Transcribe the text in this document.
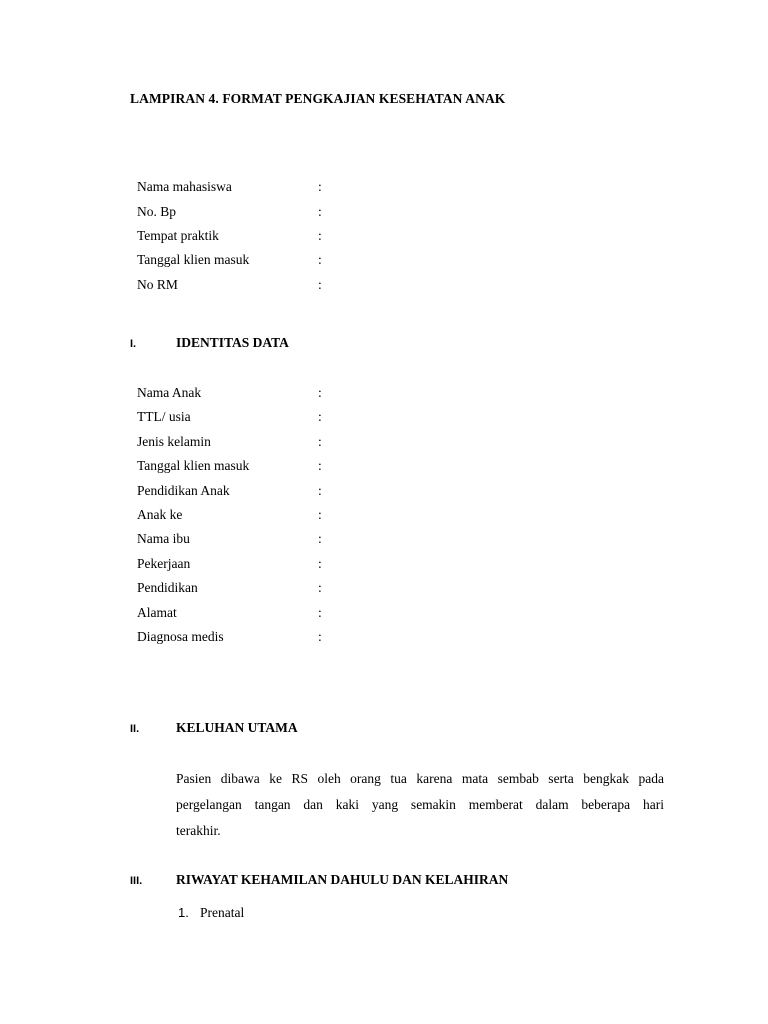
LAMPIRAN 4. FORMAT PENGKAJIAN KESEHATAN ANAK
Nama mahasiswa	:
No. Bp	:
Tempat praktik	:
Tanggal klien masuk	:
No RM	:
I.	IDENTITAS DATA
Nama Anak	:
TTL/ usia	:
Jenis kelamin	:
Tanggal klien masuk	:
Pendidikan Anak	:
Anak ke	:
Nama ibu	:
Pekerjaan	:
Pendidikan	:
Alamat	:
Diagnosa medis	:
II.	KELUHAN UTAMA
Pasien dibawa ke RS oleh orang tua karena mata sembab serta bengkak pada
pergelangan tangan dan kaki yang semakin memberat dalam beberapa hari
terakhir.
III.	RIWAYAT KEHAMILAN DAHULU DAN KELAHIRAN
1. Prenatal
